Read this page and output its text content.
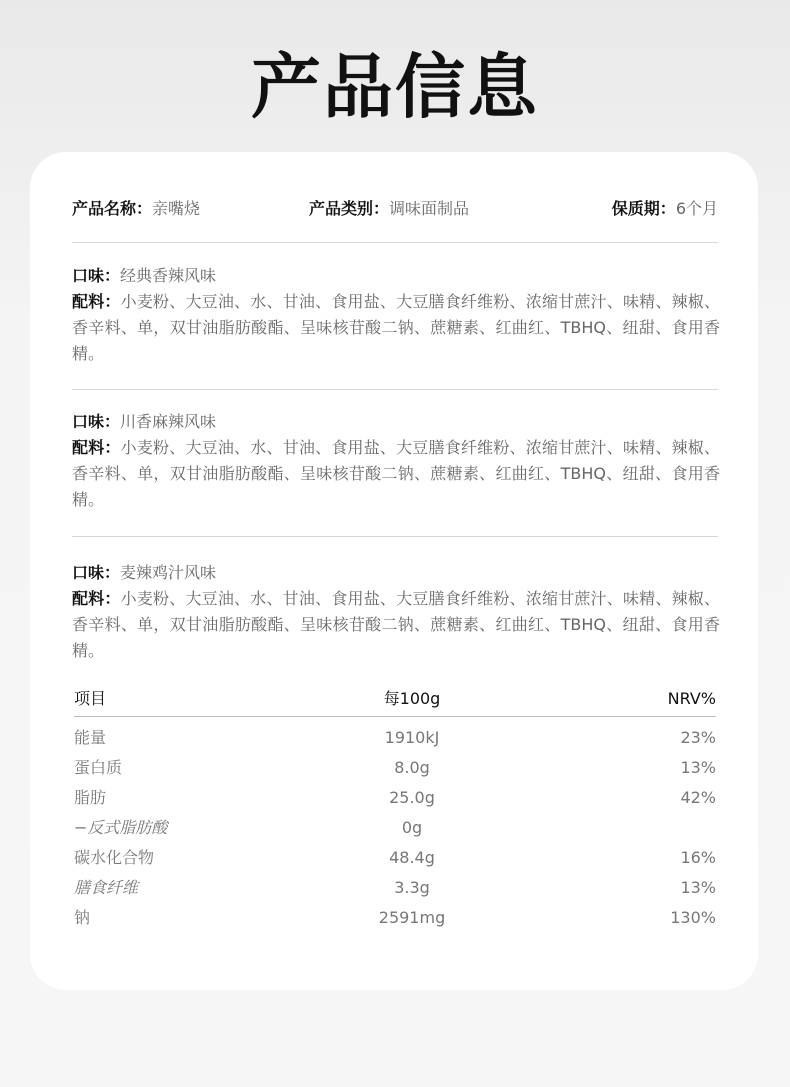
产品信息
产品名称：亲嘴烧	产品类别：调味面制品	保质期：6个月
口味：经典香辣风味
配料：小麦粉、大豆油、水、甘油、食用盐、大豆膳食纤维粉、浓缩甘蔗汁、味精、辣椒、香辛料、单，双甘油脂肪酸酯、呈味核苷酸二钠、蔗糖素、红曲红、TBHQ、纽甜、食用香精。
口味：川香麻辣风味
配料：小麦粉、大豆油、水、甘油、食用盐、大豆膳食纤维粉、浓缩甘蔗汁、味精、辣椒、香辛料、单，双甘油脂肪酸酯、呈味核苷酸二钠、蔗糖素、红曲红、TBHQ、纽甜、食用香精。
口味：麦辣鸡汁风味
配料：小麦粉、大豆油、水、甘油、食用盐、大豆膳食纤维粉、浓缩甘蔗汁、味精、辣椒、香辛料、单，双甘油脂肪酸酯、呈味核苷酸二钠、蔗糖素、红曲红、TBHQ、纽甜、食用香精。
项目	每100g	NRV%
能量	1910kJ	23%
蛋白质	8.0g	13%
脂肪	25.0g	42%
−反式脂肪酸	0g
碳水化合物	48.4g	16%
膳食纤维	3.3g	13%
钠	2591mg	130%
